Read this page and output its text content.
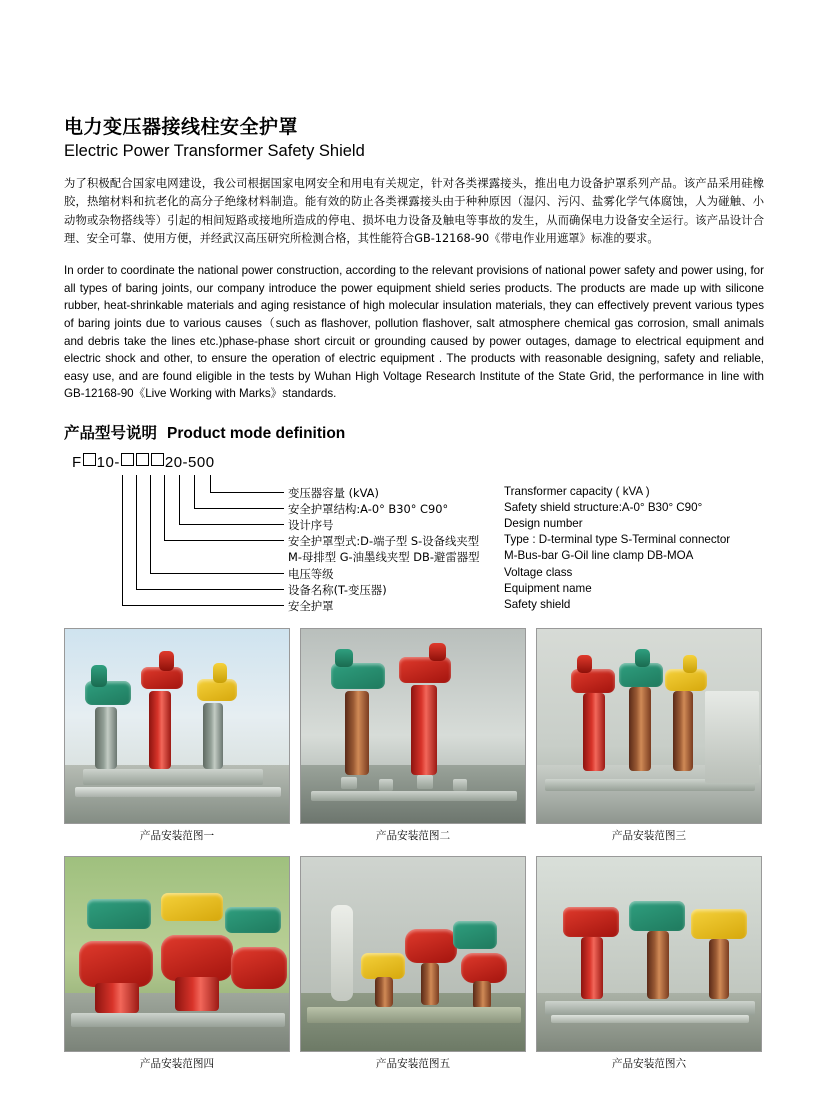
电力变压器接线柱安全护罩
Electric Power Transformer Safety Shield

为了积极配合国家电网建设，我公司根据国家电网安全和用电有关规定，针对各类裸露接头，推出电力设备护罩系列产品。该产品采用硅橡胶，热缩材料和抗老化的高分子绝缘材料制造。能有效的防止各类裸露接头由于种种原因（湿闪、污闪、盐雾化学气体腐蚀，人为碰触、小动物或杂物搭线等）引起的相间短路或接地所造成的停电、损坏电力设备及触电等事故的发生，从而确保电力设备安全运行。该产品设计合理、安全可靠、使用方便，并经武汉高压研究所检测合格，其性能符合GB-12168-90《带电作业用遮罩》标准的要求。

In order to coordinate the national power construction, according to the relevant provisions of national power safety and power using, for all types of baring joints, our company introduce the power equipment shield series products. The products are made up with silicone rubber, heat-shrinkable materials and aging resistance of high molecular insulation materials, they can effectively prevent various types of baring joints due to various causes（such as flashover, pollution flashover, salt atmosphere chemical gas corrosion, small animals and debris take the lines etc.)phase-phase short circuit or grounding caused by power outages, damage to electrical equipment and electric shock and other, to ensure the operation of electric equipment . The products with reasonable designing, safety and reliable, easy use, and are found eligible in the tests by Wuhan High Voltage Research Institute of the State Grid, the performance in line with GB-12168-90《Live Working with Marks》standards.

产品型号说明 Product mode definition
F 10-	20-500
变压器容量 (kVA)
安全护罩结构:A-0° B30° C90°
设计序号
安全护罩型式:D-端子型 S-设备线夹型
M-母排型 G-油墨线夹型 DB-避雷器型
电压等级
设备名称(T-变压器)
安全护罩
Transformer capacity ( kVA )
Safety shield structure:A-0° B30° C90°
Design number
Type : D-terminal type S-Terminal connector
M-Bus-bar G-Oil line clamp DB-MOA
Voltage class
Equipment name
Safety shield
产品安装范图一	产品安装范图二	产品安装范图三
产品安装范图四	产品安装范图五	产品安装范图六
